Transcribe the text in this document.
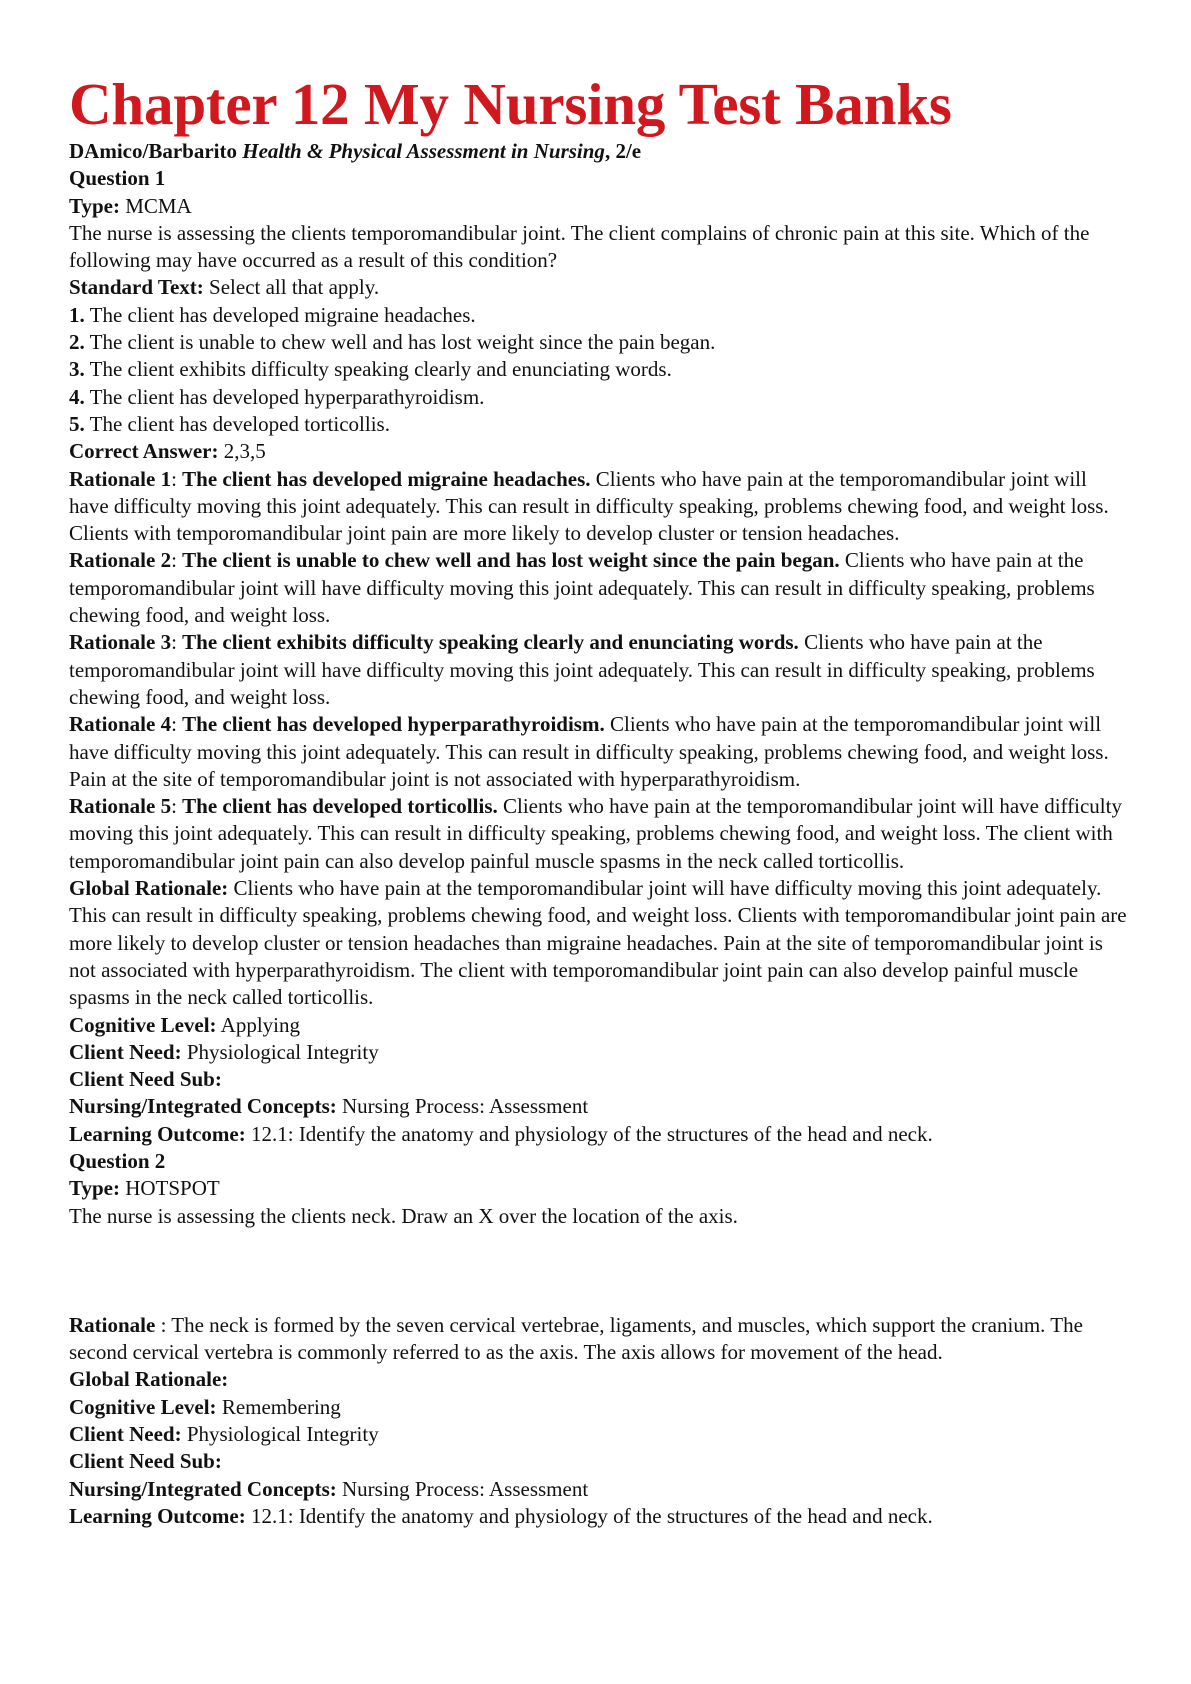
Chapter 12 My Nursing Test Banks

DAmico/Barbarito Health & Physical Assessment in Nursing, 2/e

Question 1

Type: MCMA

The nurse is assessing the clients temporomandibular joint. The client complains of chronic pain at this site. Which of the following may have occurred as a result of this condition?

Standard Text: Select all that apply.

1. The client has developed migraine headaches.

2. The client is unable to chew well and has lost weight since the pain began.

3. The client exhibits difficulty speaking clearly and enunciating words.

4. The client has developed hyperparathyroidism.

5. The client has developed torticollis.

Correct Answer: 2,3,5

Rationale 1: The client has developed migraine headaches. Clients who have pain at the temporomandibular joint will have difficulty moving this joint adequately. This can result in difficulty speaking, problems chewing food, and weight loss. Clients with temporomandibular joint pain are more likely to develop cluster or tension headaches.

Rationale 2: The client is unable to chew well and has lost weight since the pain began. Clients who have pain at the temporomandibular joint will have difficulty moving this joint adequately. This can result in difficulty speaking, problems chewing food, and weight loss.

Rationale 3: The client exhibits difficulty speaking clearly and enunciating words. Clients who have pain at the temporomandibular joint will have difficulty moving this joint adequately. This can result in difficulty speaking, problems chewing food, and weight loss.

Rationale 4: The client has developed hyperparathyroidism. Clients who have pain at the temporomandibular joint will have difficulty moving this joint adequately. This can result in difficulty speaking, problems chewing food, and weight loss. Pain at the site of temporomandibular joint is not associated with hyperparathyroidism.

Rationale 5: The client has developed torticollis. Clients who have pain at the temporomandibular joint will have difficulty moving this joint adequately. This can result in difficulty speaking, problems chewing food, and weight loss. The client with temporomandibular joint pain can also develop painful muscle spasms in the neck called torticollis.

Global Rationale: Clients who have pain at the temporomandibular joint will have difficulty moving this joint adequately. This can result in difficulty speaking, problems chewing food, and weight loss. Clients with temporomandibular joint pain are more likely to develop cluster or tension headaches than migraine headaches. Pain at the site of temporomandibular joint is not associated with hyperparathyroidism. The client with temporomandibular joint pain can also develop painful muscle spasms in the neck called torticollis.

Cognitive Level: Applying

Client Need: Physiological Integrity

Client Need Sub:

Nursing/Integrated Concepts: Nursing Process: Assessment

Learning Outcome: 12.1: Identify the anatomy and physiology of the structures of the head and neck.

Question 2

Type: HOTSPOT

The nurse is assessing the clients neck. Draw an X over the location of the axis.

Rationale : The neck is formed by the seven cervical vertebrae, ligaments, and muscles, which support the cranium. The second cervical vertebra is commonly referred to as the axis. The axis allows for movement of the head.

Global Rationale:

Cognitive Level: Remembering

Client Need: Physiological Integrity

Client Need Sub:

Nursing/Integrated Concepts: Nursing Process: Assessment

Learning Outcome: 12.1: Identify the anatomy and physiology of the structures of the head and neck.
